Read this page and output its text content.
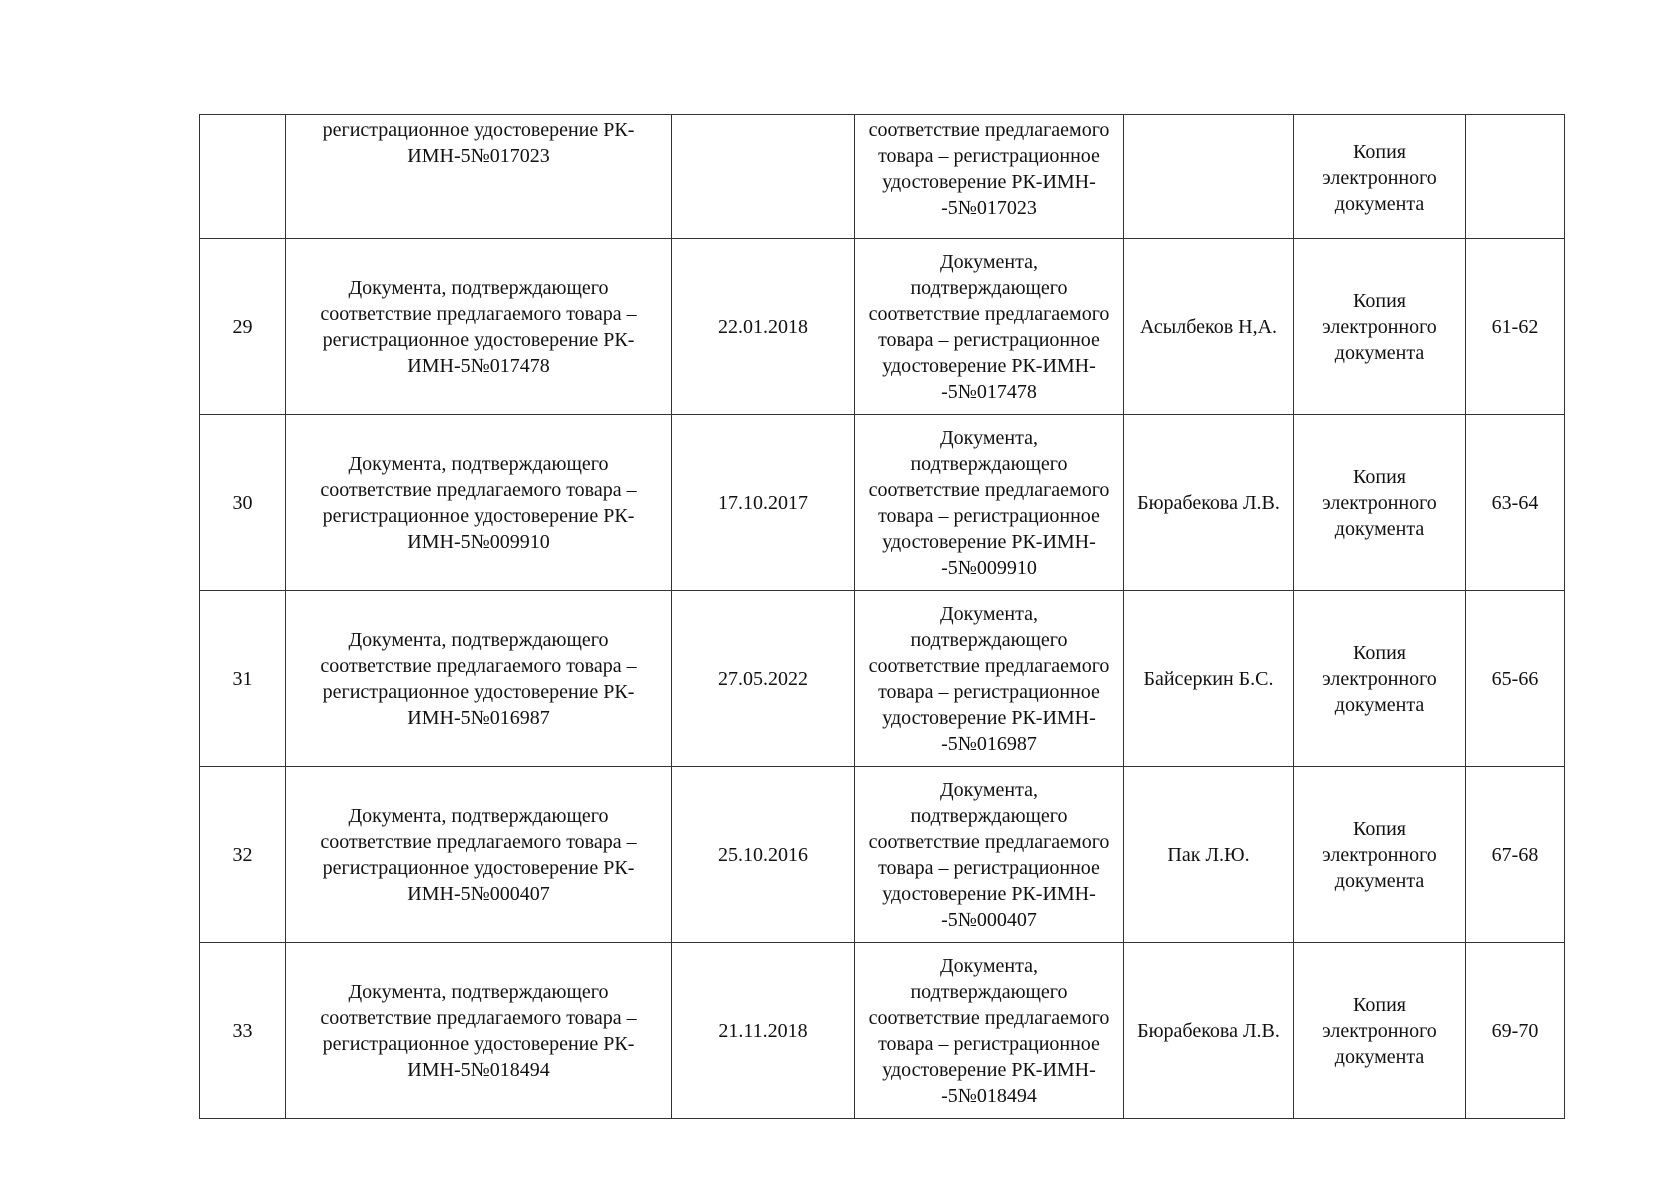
	регистрационное удостоверение РК-ИМН-5№017023		соответствие предлагаемого товара – регистрационное удостоверение РК-ИМН--5№017023		Копия электронного документа	

29	Документа, подтверждающего соответствие предлагаемого товара – регистрационное удостоверение РК-ИМН-5№017478	22.01.2018	Документа, подтверждающего соответствие предлагаемого товара – регистрационное удостоверение РК-ИМН--5№017478	Асылбеков Н,А.	Копия электронного документа	61-62

30	Документа, подтверждающего соответствие предлагаемого товара – регистрационное удостоверение РК-ИМН-5№009910	17.10.2017	Документа, подтверждающего соответствие предлагаемого товара – регистрационное удостоверение РК-ИМН--5№009910	Бюрабекова Л.В.	Копия электронного документа	63-64

31	Документа, подтверждающего соответствие предлагаемого товара – регистрационное удостоверение РК-ИМН-5№016987	27.05.2022	Документа, подтверждающего соответствие предлагаемого товара – регистрационное удостоверение РК-ИМН--5№016987	Байсеркин Б.С.	Копия электронного документа	65-66

32	Документа, подтверждающего соответствие предлагаемого товара – регистрационное удостоверение РК-ИМН-5№000407	25.10.2016	Документа, подтверждающего соответствие предлагаемого товара – регистрационное удостоверение РК-ИМН--5№000407	Пак Л.Ю.	Копия электронного документа	67-68

33	Документа, подтверждающего соответствие предлагаемого товара – регистрационное удостоверение РК-ИМН-5№018494	21.11.2018	Документа, подтверждающего соответствие предлагаемого товара – регистрационное удостоверение РК-ИМН--5№018494	Бюрабекова Л.В.	Копия электронного документа	69-70
